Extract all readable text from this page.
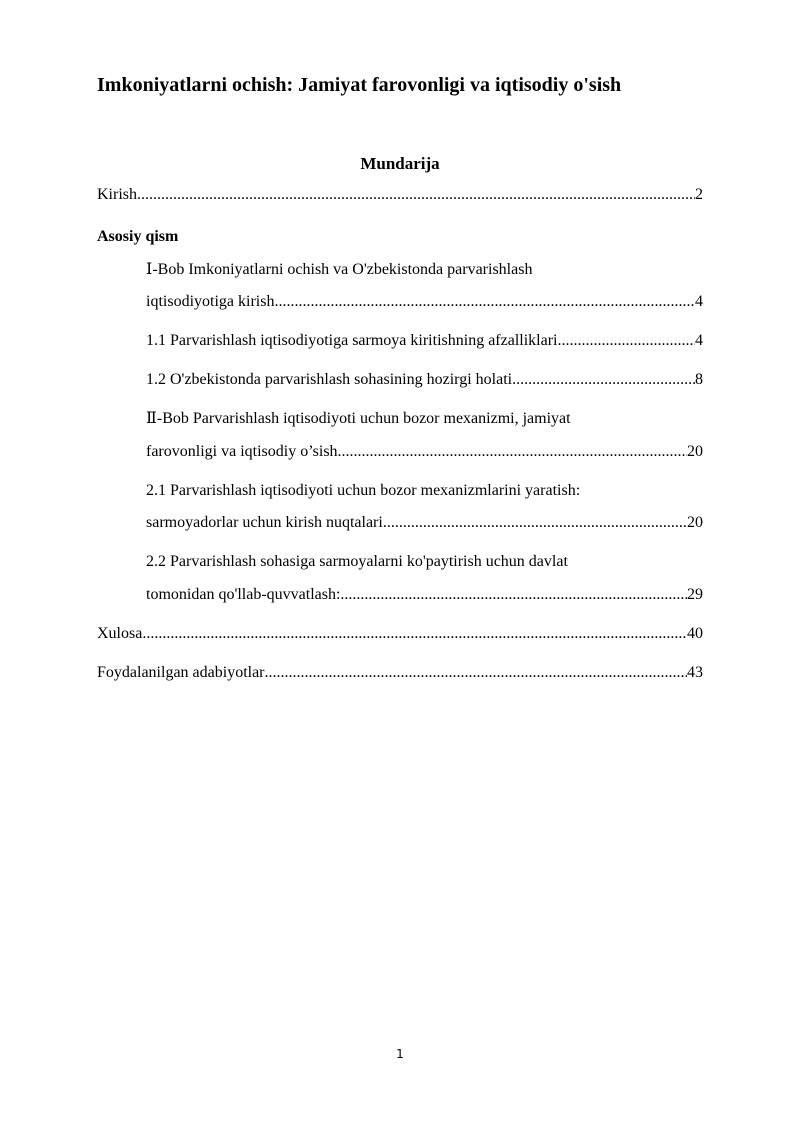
Imkoniyatlarni ochish: Jamiyat farovonligi va iqtisodiy o'sish
Mundarija
Kirish .....	2
Asosiy qism
Ⅰ-Bob Imkoniyatlarni ochish va O'zbekistonda parvarishlash
iqtisodiyotiga kirish .....	4
1.1 Parvarishlash iqtisodiyotiga sarmoya kiritishning afzalliklari .....	4
1.2 O'zbekistonda parvarishlash sohasining hozirgi holati .....	8
Ⅱ-Bob Parvarishlash iqtisodiyoti uchun bozor mexanizmi, jamiyat
farovonligi va iqtisodiy o’sish .....	20
2.1 Parvarishlash iqtisodiyoti uchun bozor mexanizmlarini yaratish:
sarmoyadorlar uchun kirish nuqtalari .....	20
2.2 Parvarishlash sohasiga sarmoyalarni ko'paytirish uchun davlat
tomonidan qo'llab-quvvatlash: .....	29
Xulosa .....	40
Foydalanilgan adabiyotlar .....	43
1
